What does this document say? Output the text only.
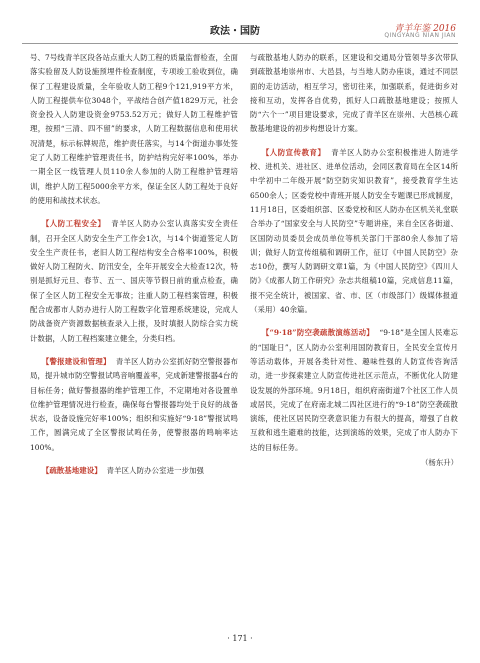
政法・国防	青羊年鉴 2016
QINGYANG NIAN JIAN

号、7号线青羊区段各站点重大人防工程的质量监督检查，全面落实验留及人防设施预埋件检查制度，专项竣工验收到位，确保了工程建设质量，全年验收人防工程9个121,919平方米，人防工程提供车位3048个，平战结合创产值1829万元，社会资金投入人防建设资金9753.52万元；做好人防工程维护管理，按照“三清、四不留”的要求，人防工程数据信息和使用状况清楚，标示标牌规范，维护责任落实，与14个街道办事处签定了人防工程维护管理责任书，防护结构完好率100%，举办一期全区一线管理人员110余人参加的人防工程维护管理培训，维护人防工程5000余平方米，保证全区人防工程处于良好的使用和战技术状态。

【人防工程安全】 青羊区人防办公室认真落实安全责任制，召开全区人防安全生产工作会1次，与14个街道签定人防安全生产责任书，老旧人防工程结构安全合格率100%，积极做好人防工程防火、防汛安全，全年开展安全大检查12次，特别是抓好元旦、春节、五一、国庆等节假日前的重点检查，确保了全区人防工程安全无事故；注重人防工程档案管理，积极配合成都市人防办进行人防工程数字化管理系统建设，完成人防战备资产资源数据核查录入上报，及时填报人防综合实力统计数据，人防工程档案建立健全，分类归档。

【警报建设和管理】 青羊区人防办公室抓好防空警报器布局，提升城市防空警报试鸣音响覆盖率，完成新建警报器4台的目标任务；做好警报器的维护管理工作，不定期地对各设置单位维护管理情况进行检查，确保每台警报器均处于良好的战备状态，设备设施完好率100%；组织和实施好“9·18”警报试鸣工作，圆满完成了全区警报试鸣任务，使警报器的鸣响率达100%。

【疏散基地建设】 青羊区人防办公室进一步加强

与疏散基地人防办的联系，区建设和交通局分管领导多次带队到疏散基地崇州市、大邑县，与当地人防办座谈，通过不同层面的走访活动，相互学习，密切往来，加强联系，促进街乡对接和互动，发挥各自优势，抓好人口疏散基地建设；按照人防“六个一”项目建设要求，完成了青羊区在崇州、大邑核心疏散基地建设的初步构想设计方案。

【人防宣传教育】 青羊区人防办公室积极推进人防进学校、进机关、进社区、进单位活动，会同区教育局在全区14所中学初中二年级开展“防空防灾知识教育”，接受教育学生达6500余人；区委党校中青班开展人防安全专题课已形成制度，11月18日，区委组织部、区委党校和区人防办在区机关礼堂联合举办了“国家安全与人民防空”专题讲座，来自全区各街道、区国防动员委员会成员单位等机关部门干部80余人参加了培训；做好人防宣传组稿和调研工作，征订《中国人民防空》杂志10份，撰写人防调研文章1篇，为《中国人民防空》《四川人防》《成都人防工作研究》杂志共组稿10篇，完成信息11篇，报不完全统计，被国家、省、市、区（市级部门）级媒体报道（采用）40余篇。

【“9·18”防空袭疏散演练活动】 “9·18”是全国人民难忘的“国耻日”，区人防办公室利用国防教育日，全民安全宣传月等活动载体，开展各类针对性、趣味性强的人防宣传咨询活动，进一步探索建立人防宣传进社区示范点，不断优化人防建设发展的外部环境。9月18日，组织府南街道7个社区工作人员或居民，完成了在府南北城二四社区进行的“9·18”防空袭疏散演练，使社区居民防空袭意识能力有很大的提高，增强了自救互救和逃生避难的技能，达到演练的效果，完成了市人防办下达的目标任务。

（杨东升）
· 171 ·
